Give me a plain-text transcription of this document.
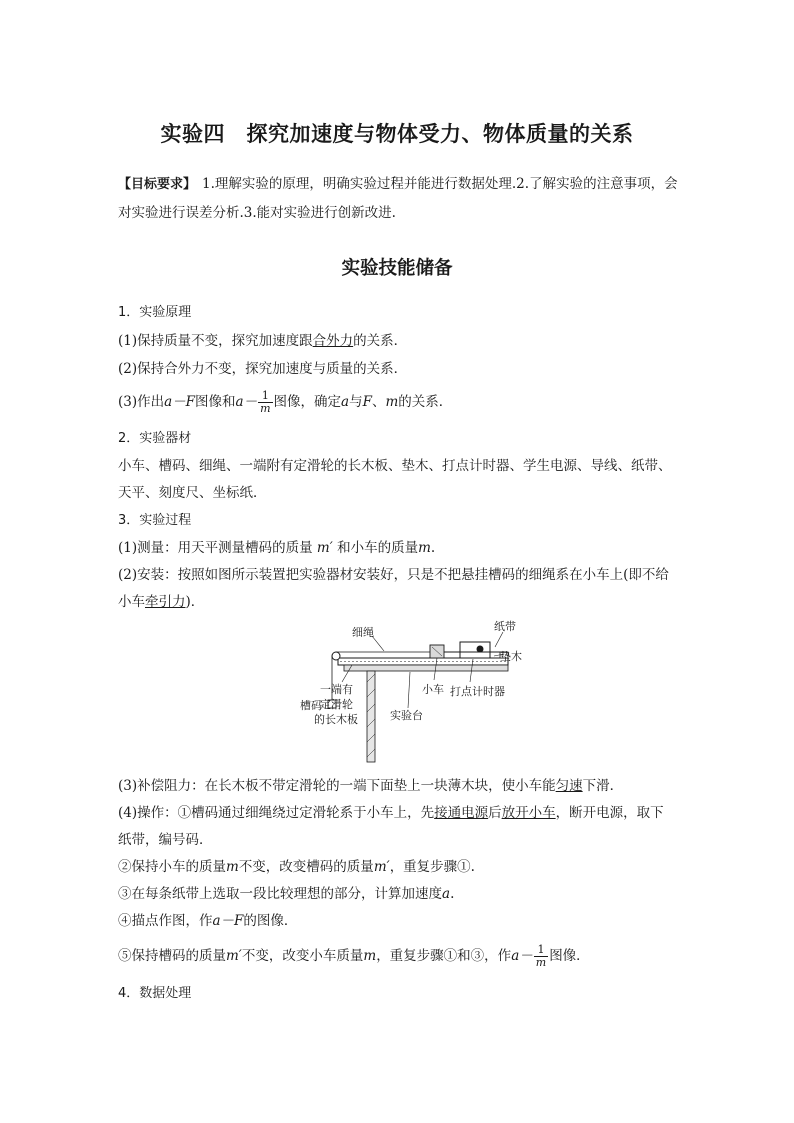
实验四　探究加速度与物体受力、物体质量的关系
【目标要求】 1.理解实验的原理，明确实验过程并能进行数据处理.2.了解实验的注意事项，会
对实验进行误差分析.3.能对实验进行创新改进.
实验技能储备
1．实验原理
(1)保持质量不变，探究加速度跟合外力的关系．
(2)保持合外力不变，探究加速度与质量的关系．
(3)作出a－F图像和$a- \frac{1}{m}$ 图像，确定a与F、m的关系．
2．实验器材
小车、槽码、细绳、一端附有定滑轮的长木板、垫木、打点计时器、学生电源、导线、纸带、
天平、刻度尺、坐标纸．
3．实验过程
(1)测量：用天平测量槽码的质量 m′ 和小车的质量m.
(2)安装：按照如图所示装置把实验器材安装好，只是不把悬挂槽码的细绳系在小车上(即不给
小车牵引力)．
细绳	纸带
垫木
小车 打点计时器
槽码
一端有
定滑轮
的长木板	实验台
(3)补偿阻力：在长木板不带定滑轮的一端下面垫上一块薄木块，使小车能匀速下滑．
(4)操作：①槽码通过细绳绕过定滑轮系于小车上，先接通电源后放开小车，断开电源，取下
纸带，编号码．
②保持小车的质量m不变，改变槽码的质量m′，重复步骤①.
③在每条纸带上选取一段比较理想的部分，计算加速度a.
④描点作图，作a－F的图像．
⑤保持槽码的质量m′不变，改变小车质量m，重复步骤①和③，作$a- \frac{1}{m}$ 图像．
4．数据处理
